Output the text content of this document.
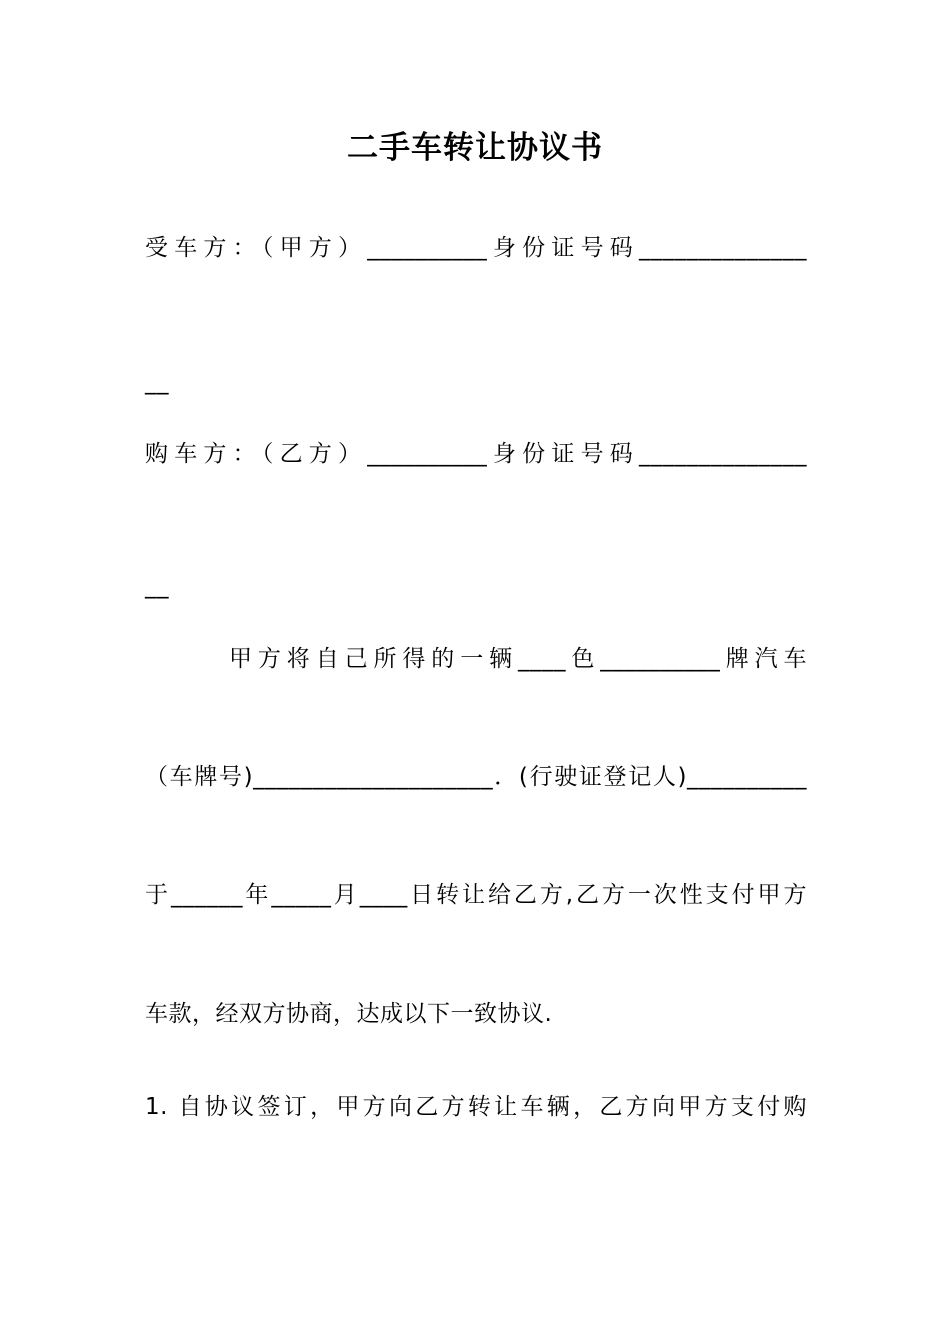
二手车转让协议书
受车方：（甲方）__________身份证号码______________
__
购车方：（乙方）__________身份证号码______________
__
甲方将自己所得的一辆____色__________牌汽车
（车牌号)____________________．(行驶证登记人)__________
于______年_____月____日转让给乙方,乙方一次性支付甲方
车款，经双方协商，达成以下一致协议.
1. 自协议签订，甲方向乙方转让车辆，乙方向甲方支付购
